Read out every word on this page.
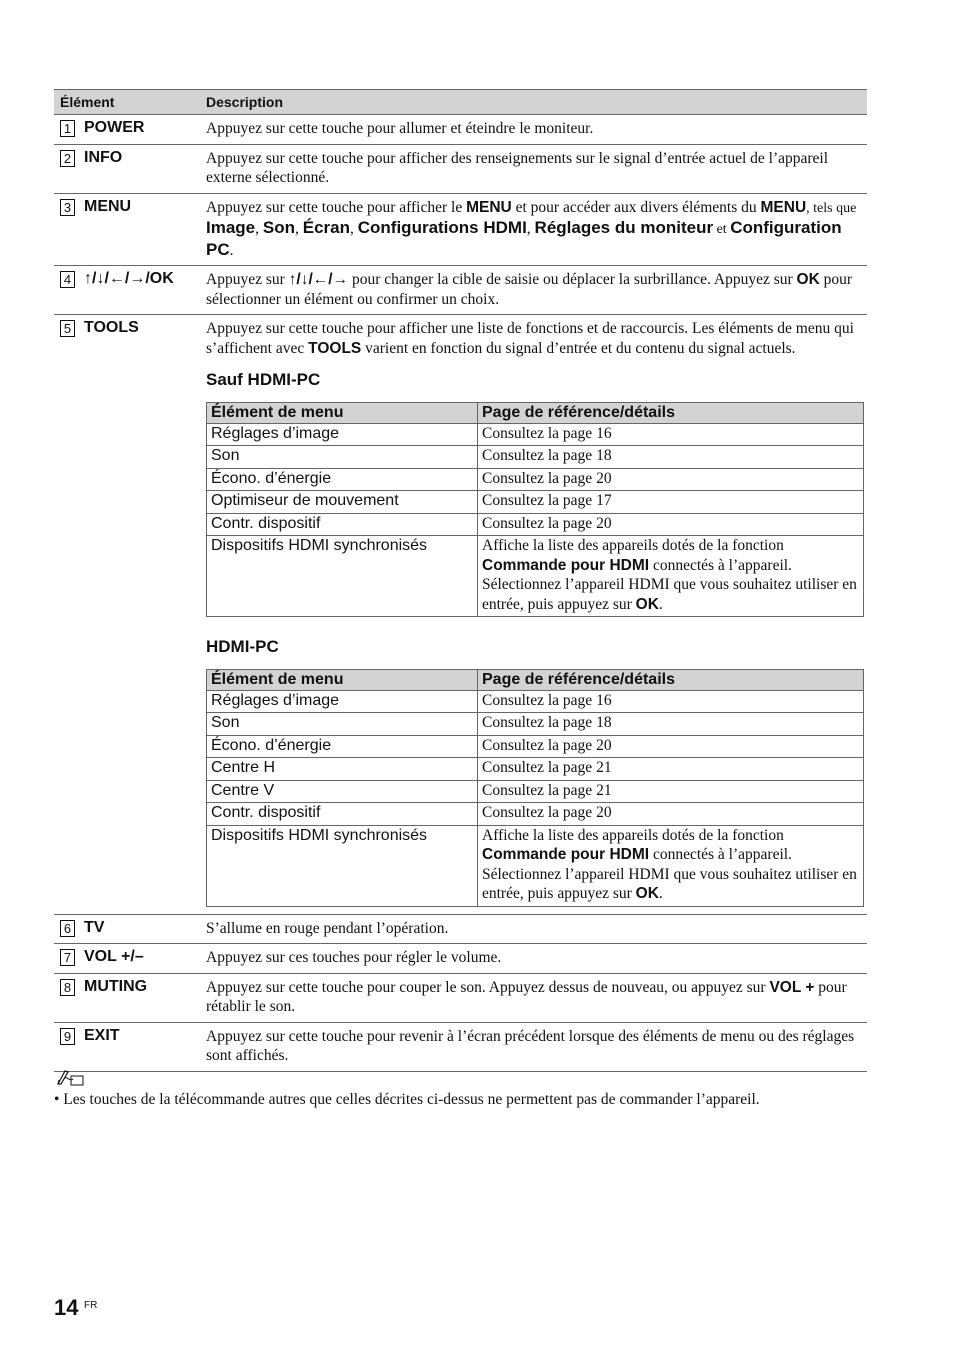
Élément	Description
1 POWER	Appuyez sur cette touche pour allumer et éteindre le moniteur.
2 INFO	Appuyez sur cette touche pour afficher des renseignements sur le signal d’entrée actuel de l’appareil externe sélectionné.
3 MENU	Appuyez sur cette touche pour afficher le MENU et pour accéder aux divers éléments du MENU, tels que Image, Son, Écran, Configurations HDMI, Réglages du moniteur et Configuration PC.
4 ↑/↓/←/→/OK	Appuyez sur ↑/↓/←/→ pour changer la cible de saisie ou déplacer la surbrillance. Appuyez sur OK pour sélectionner un élément ou confirmer un choix.
5 TOOLS	Appuyez sur cette touche pour afficher une liste de fonctions et de raccourcis. Les éléments de menu qui s’affichent avec TOOLS varient en fonction du signal d’entrée et du contenu du signal actuels.
Sauf HDMI-PC
Élément de menu	Page de référence/détails
Réglages d’image	Consultez la page 16
Son	Consultez la page 18
Écono. d’énergie	Consultez la page 20
Optimiseur de mouvement	Consultez la page 17
Contr. dispositif	Consultez la page 20
Dispositifs HDMI synchronisés	Affiche la liste des appareils dotés de la fonction Commande pour HDMI connectés à l’appareil. Sélectionnez l’appareil HDMI que vous souhaitez utiliser en entrée, puis appuyez sur OK.
HDMI-PC
Élément de menu	Page de référence/détails
Réglages d’image	Consultez la page 16
Son	Consultez la page 18
Écono. d’énergie	Consultez la page 20
Centre H	Consultez la page 21
Centre V	Consultez la page 21
Contr. dispositif	Consultez la page 20
Dispositifs HDMI synchronisés	Affiche la liste des appareils dotés de la fonction Commande pour HDMI connectés à l’appareil. Sélectionnez l’appareil HDMI que vous souhaitez utiliser en entrée, puis appuyez sur OK.

6 TV	S’allume en rouge pendant l’opération.
7 VOL +/–	Appuyez sur ces touches pour régler le volume.
8 MUTING	Appuyez sur cette touche pour couper le son. Appuyez dessus de nouveau, ou appuyez sur VOL + pour rétablir le son.
9 EXIT	Appuyez sur cette touche pour revenir à l’écran précédent lorsque des éléments de menu ou des réglages sont affichés.
• Les touches de la télécommande autres que celles décrites ci-dessus ne permettent pas de commander l’appareil.
14 FR
